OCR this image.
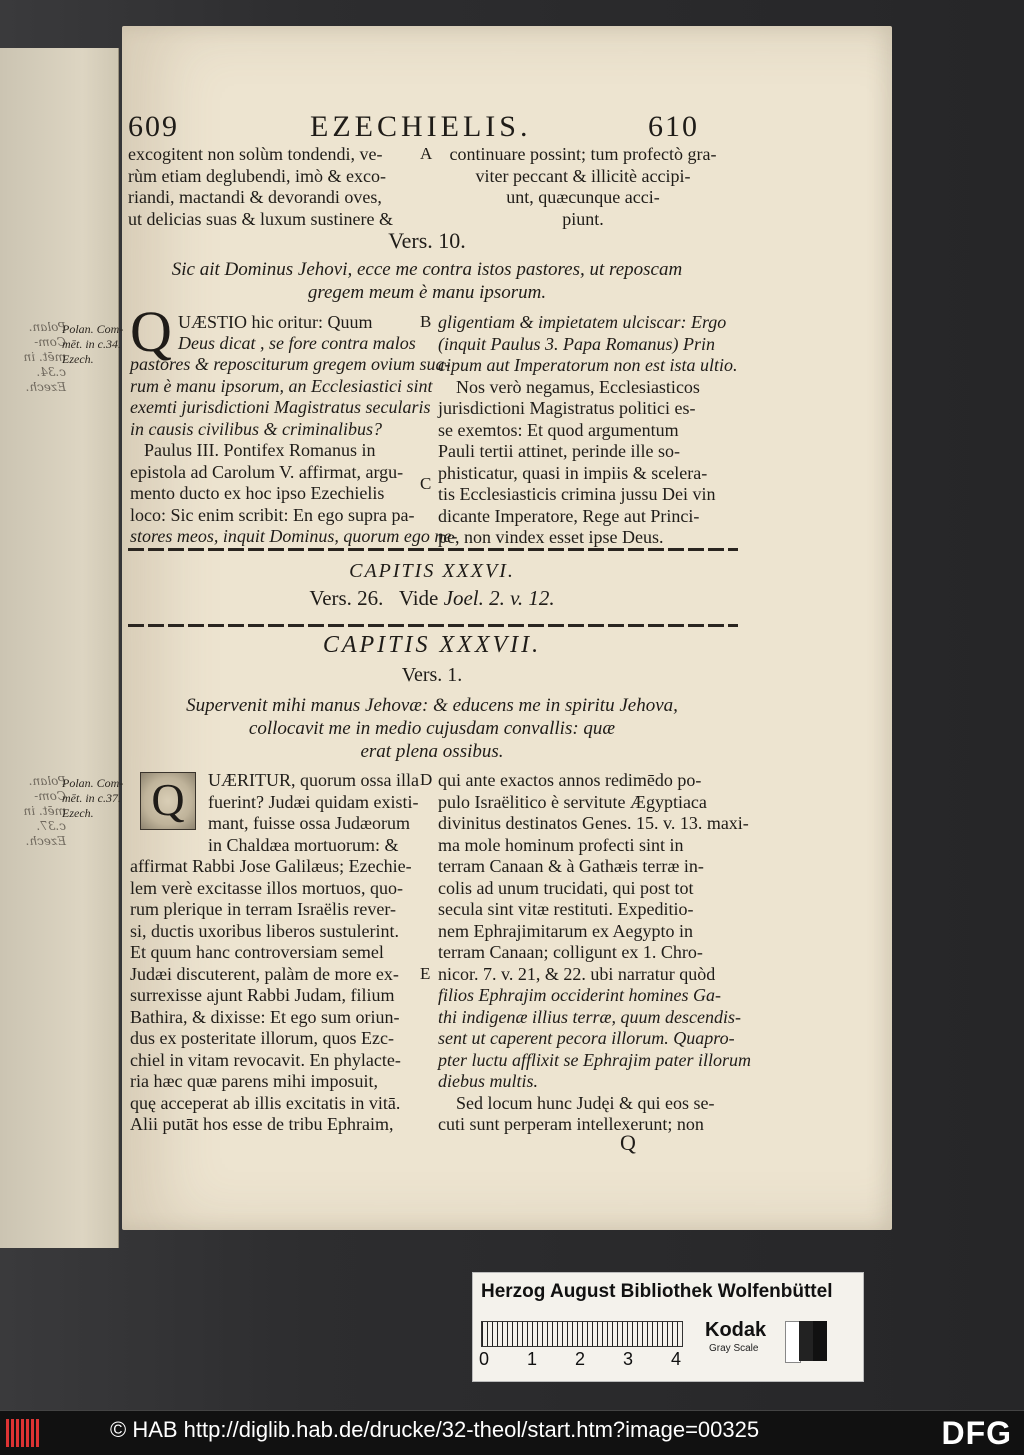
Polan. Com-
mēt. in c.34.
Ezech.
Polan. Com-
mēt. in c.37.
Ezech.
609	EZECHIELIS.	610
excogitent non solùm tondendi, ve-
rùm etiam deglubendi, imò & exco-
riandi, mactandi & devorandi oves,
ut delicias suas & luxum sustinere &
A continuare possint; tum profectò gra-
viter peccant & illicitè accipi-
unt, quæcunque acci-
piunt.
Vers. 10.
Sic ait Dominus Jehovi, ecce me contra istos pastores, ut reposcam
gregem meum è manu ipsorum.
Q UÆSTIO hic oritur: Quum
Deus dicat , se fore contra malos
pastores & reposciturum gregem ovium sua-
rum è manu ipsorum, an Ecclesiastici sint
exemti jurisdictioni Magistratus secularis
in causis civilibus & criminalibus?
Paulus III. Pontifex Romanus in
epistola ad Carolum V. affirmat, argu-
mento ducto ex hoc ipso Ezechielis
loco: Sic enim scribit: En ego supra pa-
stores meos, inquit Dominus, quorum ego ne-
B
C
gligentiam & impietatem ulciscar: Ergo
(inquit Paulus 3. Papa Romanus) Prin
cipum aut Imperatorum non est ista ultio.
Nos verò negamus, Ecclesiasticos
jurisdictioni Magistratus politici es-
se exemtos: Et quod argumentum
Pauli tertii attinet, perinde ille so-
phisticatur, quasi in impiis & scelera-
tis Ecclesiasticis crimina jussu Dei vin
dicante Imperatore, Rege aut Princi-
pe, non vindex esset ipse Deus.
CAPITIS XXXVI.
Vers. 26. Vide Joel. 2. v. 12.
CAPITIS XXXVII.
Vers. 1.
Supervenit mihi manus Jehovæ: & educens me in spiritu Jehova,
collocavit me in medio cujusdam convallis: quæ
erat plena ossibus.
Q	UÆRITUR, quorum ossa illa
fuerint? Judæi quidam existi-
mant, fuisse ossa Judæorum
in Chaldæa mortuorum: &
affirmat Rabbi Jose Galilæus; Ezechie-
lem verè excitasse illos mortuos, quo-
rum plerique in terram Israëlis rever-
si, ductis uxoribus liberos sustulerint.
Et quum hanc controversiam semel
Judæi discuterent, palàm de more ex-
surrexisse ajunt Rabbi Judam, filium
Bathira, & dixisse: Et ego sum oriun-
dus ex posteritate illorum, quos Ezc-
chiel in vitam revocavit. En phylacte-
ria hæc quæ parens mihi imposuit,
quę acceperat ab illis excitatis in vitā.
Alii putāt hos esse de tribu Ephraim,
D
E
qui ante exactos annos redimēdo po-
pulo Israëlitico è servitute Ægyptiaca
divinitus destinatos Genes. 15. v. 13. maxi-
ma mole hominum profecti sint in
terram Canaan & à Gathæis terræ in-
colis ad unum trucidati, qui post tot
secula sint vitæ restituti. Expeditio-
nem Ephrajimitarum ex Aegypto in
terram Canaan; colligunt ex 1. Chro-
nicor. 7. v. 21, & 22. ubi narratur quòd
filios Ephrajim occiderint homines Ga-
thi indigenæ illius terræ, quum descendis-
sent ut caperent pecora illorum. Quapro-
pter luctu afflixit se Ephrajim pater illorum
diebus multis.
Sed locum hunc Judęi & qui eos se-
cuti sunt perperam intellexerunt; non
Q
Polan. Com-
mēt. in c.34.
Ezech.
Polan. Com-
mēt. in c.37.
Ezech.
Herzog August Bibliothek Wolfenbüttel
0 1 2 3 4
Kodak
Gray Scale
© HAB http://diglib.hab.de/drucke/32-theol/start.htm?image=00325	DFG
